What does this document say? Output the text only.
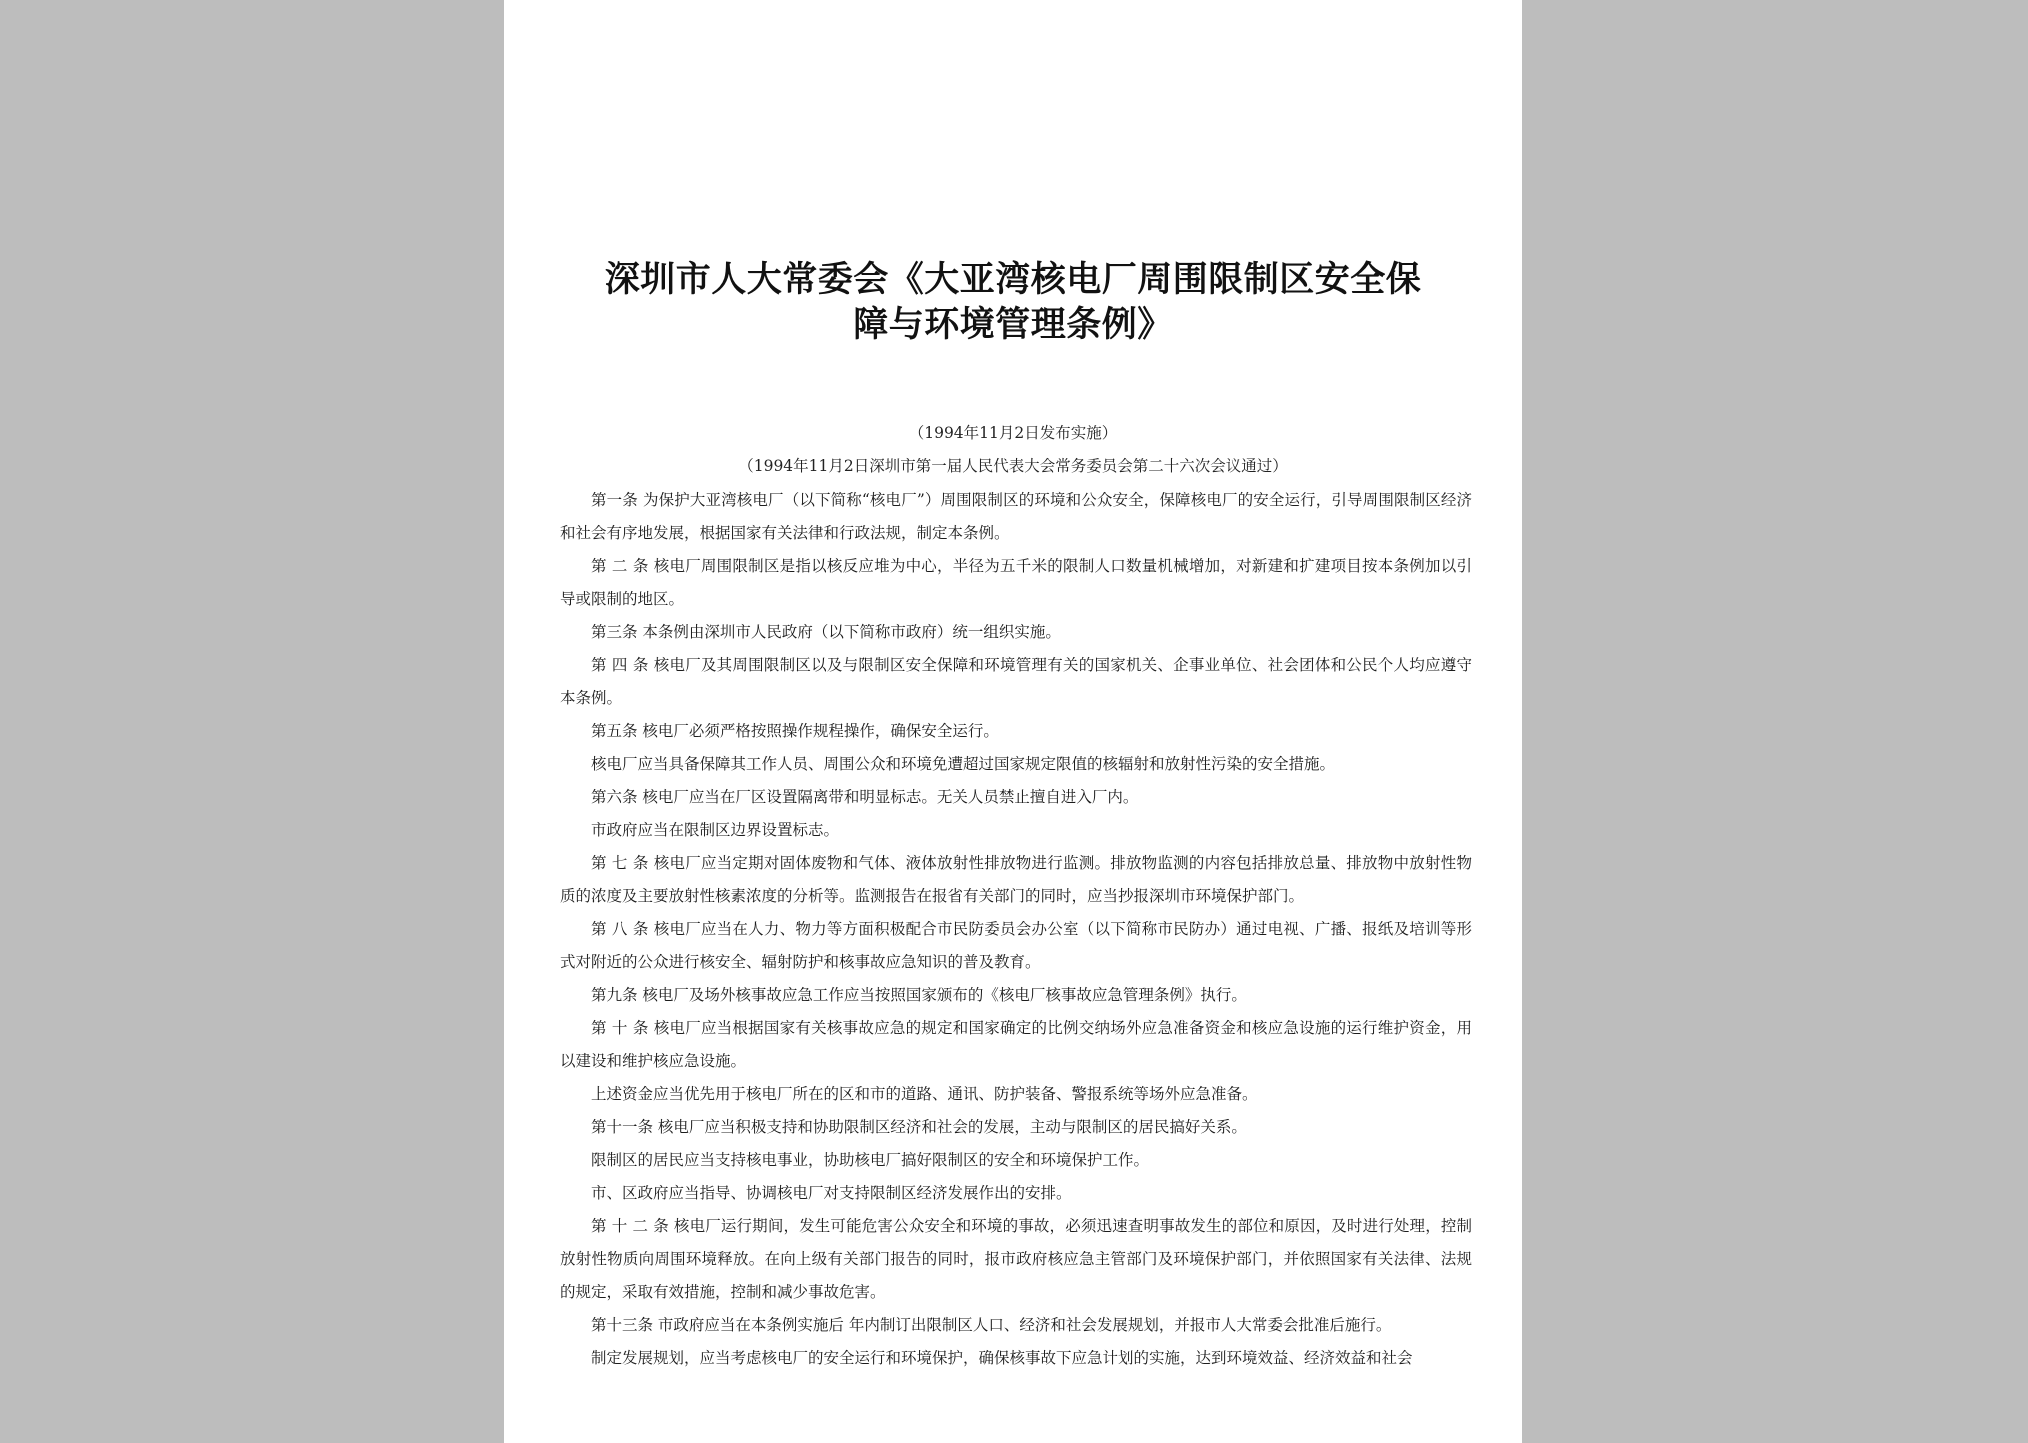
深圳市人大常委会《大亚湾核电厂周围限制区安全保
障与环境管理条例》
（1994年11月2日发布实施）
（1994年11月2日深圳市第一届人民代表大会常务委员会第二十六次会议通过）

第一条 为保护大亚湾核电厂（以下简称“核电厂”）周围限制区的环境和公众安全，保障核电厂的安全运行，引导周围限制区经济和社会有序地发展，根据国家有关法律和行政法规，制定本条例。

第 二 条 核电厂周围限制区是指以核反应堆为中心，半径为五千米的限制人口数量机械增加，对新建和扩建项目按本条例加以引导或限制的地区。

第三条 本条例由深圳市人民政府（以下简称市政府）统一组织实施。

第 四 条 核电厂及其周围限制区以及与限制区安全保障和环境管理有关的国家机关、企事业单位、社会团体和公民个人均应遵守本条例。

第五条 核电厂必须严格按照操作规程操作，确保安全运行。

核电厂应当具备保障其工作人员、周围公众和环境免遭超过国家规定限值的核辐射和放射性污染的安全措施。

第六条 核电厂应当在厂区设置隔离带和明显标志。无关人员禁止擅自进入厂内。

市政府应当在限制区边界设置标志。

第 七 条 核电厂应当定期对固体废物和气体、液体放射性排放物进行监测。排放物监测的内容包括排放总量、排放物中放射性物质的浓度及主要放射性核素浓度的分析等。监测报告在报省有关部门的同时，应当抄报深圳市环境保护部门。

第 八 条 核电厂应当在人力、物力等方面积极配合市民防委员会办公室（以下简称市民防办）通过电视、广播、报纸及培训等形式对附近的公众进行核安全、辐射防护和核事故应急知识的普及教育。

第九条 核电厂及场外核事故应急工作应当按照国家颁布的《核电厂核事故应急管理条例》执行。

第 十 条 核电厂应当根据国家有关核事故应急的规定和国家确定的比例交纳场外应急准备资金和核应急设施的运行维护资金，用以建设和维护核应急设施。

上述资金应当优先用于核电厂所在的区和市的道路、通讯、防护装备、警报系统等场外应急准备。

第十一条 核电厂应当积极支持和协助限制区经济和社会的发展，主动与限制区的居民搞好关系。

限制区的居民应当支持核电事业，协助核电厂搞好限制区的安全和环境保护工作。

市、区政府应当指导、协调核电厂对支持限制区经济发展作出的安排。

第 十 二 条 核电厂运行期间，发生可能危害公众安全和环境的事故，必须迅速查明事故发生的部位和原因，及时进行处理，控制放射性物质向周围环境释放。在向上级有关部门报告的同时，报市政府核应急主管部门及环境保护部门，并依照国家有关法律、法规的规定，采取有效措施，控制和减少事故危害。

第十三条 市政府应当在本条例实施后 年内制订出限制区人口、经济和社会发展规划，并报市人大常委会批准后施行。

制定发展规划，应当考虑核电厂的安全运行和环境保护，确保核事故下应急计划的实施，达到环境效益、经济效益和社会
